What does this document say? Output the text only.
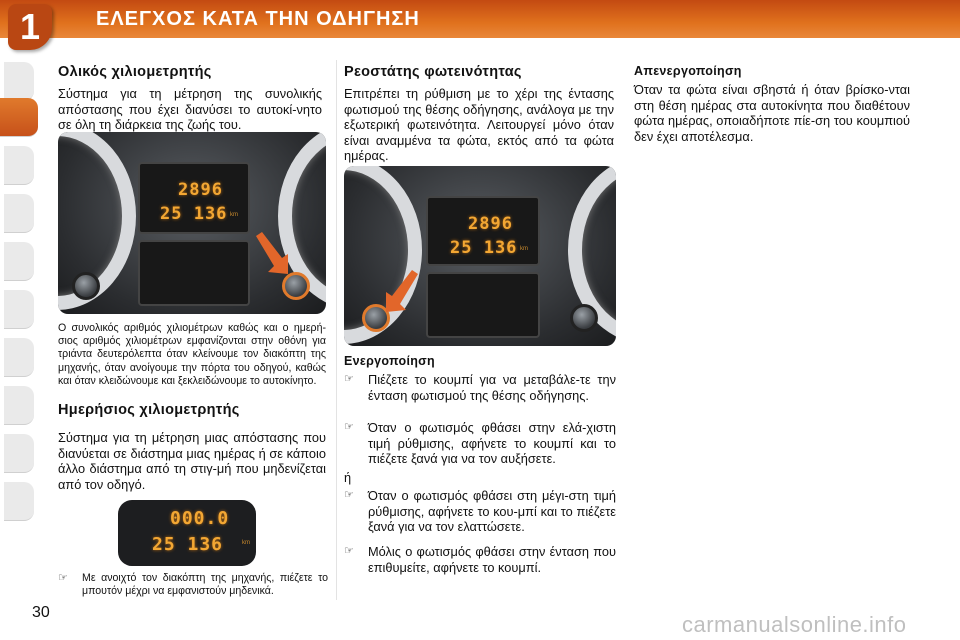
1	ΕΛΕΓΧΟΣ ΚΑΤΑ ΤΗΝ ΟΔΗΓΗΣΗ
Ολικός χιλιομετρητής
Σύστημα για τη μέτρηση της συνολικής απόστασης που έχει διανύσει το αυτοκί-νητο σε όλη τη διάρκεια της ζωής του.
2896
25 136 km
Ο συνολικός αριθμός χιλιομέτρων καθώς και ο ημερή-σιος αριθμός χιλιομέτρων εμφανίζονται στην οθόνη για τριάντα δευτερόλεπτα όταν κλείνουμε τον διακόπτη της μηχανής, όταν ανοίγουμε την πόρτα του οδηγού, καθώς και όταν κλειδώνουμε και ξεκλειδώνουμε το αυτοκίνητο.
Ημερήσιος χιλιομετρητής
Σύστημα για τη μέτρηση μιας απόστασης που διανύεται σε διάστημα μιας ημέρας ή σε κάποιο άλλο διάστημα από τη στιγ-μή που μηδενίζεται από τον οδηγό.
000.0
25 136	km
☞	Με ανοιχτό τον διακόπτη της μηχανής, πιέζετε το μπουτόν μέχρι να εμφανιστούν μηδενικά.
Ρεοστάτης φωτεινότητας
Επιτρέπει τη ρύθμιση με το χέρι της έντασης φωτισμού της θέσης οδήγησης, ανάλογα με την εξωτερική φωτεινότητα. Λειτουργεί μόνο όταν είναι αναμμένα τα φώτα, εκτός από τα φώτα ημέρας.
2896
25 136 km
Ενεργοποίηση
☞	Πιέζετε το κουμπί για να μεταβάλε-τε την ένταση φωτισμού της θέσης οδήγησης.
☞	Όταν ο φωτισμός φθάσει στην ελά-χιστη τιμή ρύθμισης, αφήνετε το κουμπί και το πιέζετε ξανά για να τον αυξήσετε.
ή
☞	Όταν ο φωτισμός φθάσει στη μέγι-στη τιμή ρύθμισης, αφήνετε το κου-μπί και το πιέζετε ξανά για να τον ελαττώσετε.
☞	Μόλις ο φωτισμός φθάσει στην ένταση που επιθυμείτε, αφήνετε το κουμπί.
Απενεργοποίηση
Όταν τα φώτα είναι σβηστά ή όταν βρίσκο-νται στη θέση ημέρας στα αυτοκίνητα που διαθέτουν φώτα ημέρας, οποιαδήποτε πίε-ση του κουμπιού δεν έχει αποτέλεσμα.
30	carmanualsonline.info
